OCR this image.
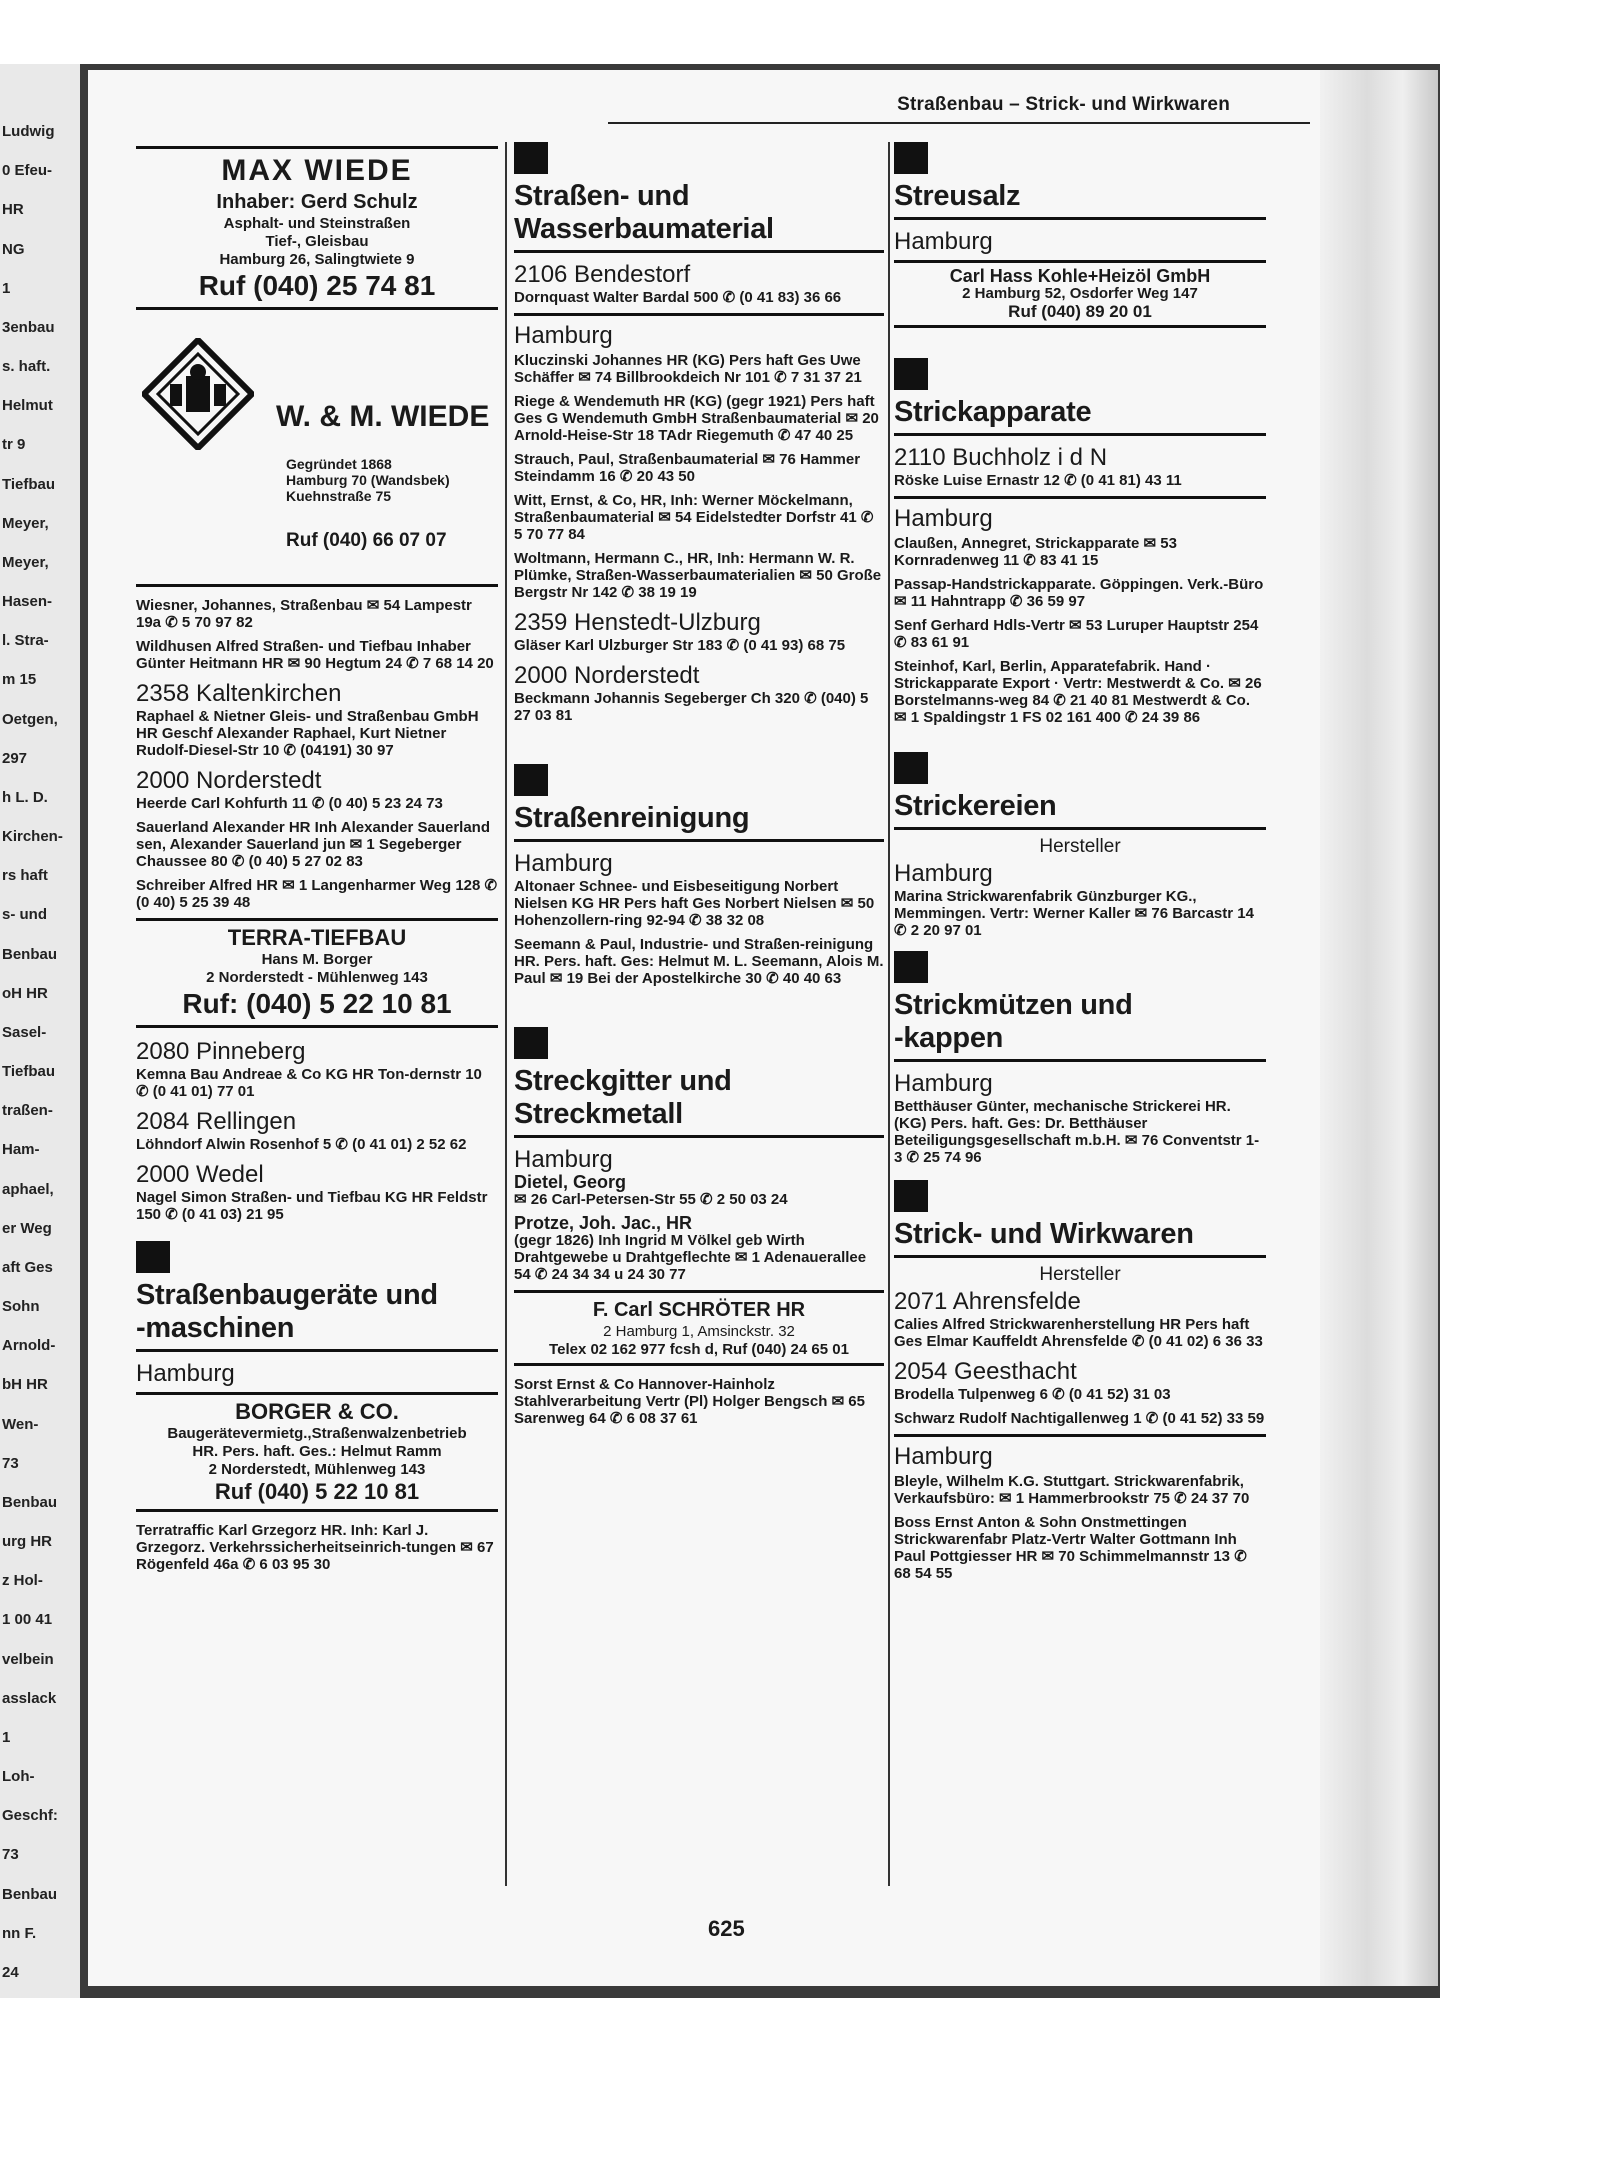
Ludwig
0 Efeu-
HR
NG
1
3enbau
s. haft.
Helmut
tr 9
Tiefbau
Meyer,
Meyer,
Hasen-
l. Stra-
m 15
Oetgen,
297
h L. D.
Kirchen-
rs haft
s- und
Benbau
oH HR
Sasel-
Tiefbau
traßen-
Ham-
aphael,
er Weg
aft Ges
Sohn
Arnold-
bH HR
Wen-
73
Benbau
urg HR
z Hol-
1 00 41
velbein
asslack
1
Loh-
Geschf:
73
Benbau
nn F.
24
Straßenbau – Strick- und Wirkwaren
MAX WIEDE
Inhaber: Gerd Schulz
Asphalt- und Steinstraßen
Tief-, Gleisbau
Hamburg 26, Salingtwiete 9
Ruf (040) 25 74 81
W. & M. WIEDE
Gegründet 1868
Hamburg 70 (Wandsbek)
Kuehnstraße 75
Ruf (040) 66 07 07
Wiesner, Johannes, Straßenbau ✉ 54 Lampestr 19a ✆ 5 70 97 82
Wildhusen Alfred Straßen- und Tiefbau Inhaber Günter Heitmann HR ✉ 90 Hegtum 24 ✆ 7 68 14 20
2358 Kaltenkirchen
Raphael & Nietner Gleis- und Straßenbau GmbH HR Geschf Alexander Raphael, Kurt Nietner Rudolf-Diesel-Str 10 ✆ (04191) 30 97
2000 Norderstedt
Heerde Carl Kohfurth 11 ✆ (0 40) 5 23 24 73
Sauerland Alexander HR Inh Alexander Sauerland sen, Alexander Sauerland jun ✉ 1 Segeberger Chaussee 80 ✆ (0 40) 5 27 02 83
Schreiber Alfred HR ✉ 1 Langenharmer Weg 128 ✆ (0 40) 5 25 39 48
TERRA-TIEFBAU
Hans M. Borger
2 Norderstedt - Mühlenweg 143
Ruf: (040) 5 22 10 81
2080 Pinneberg
Kemna Bau Andreae & Co KG HR Ton-dernstr 10 ✆ (0 41 01) 77 01
2084 Rellingen
Löhndorf Alwin Rosenhof 5 ✆ (0 41 01) 2 52 62
2000 Wedel
Nagel Simon Straßen- und Tiefbau KG HR Feldstr 150 ✆ (0 41 03) 21 95
Straßenbaugeräte und
-maschinen
Hamburg
BORGER & CO.
Baugerätevermietg.,Straßenwalzenbetrieb
HR. Pers. haft. Ges.: Helmut Ramm
2 Norderstedt, Mühlenweg 143
Ruf (040) 5 22 10 81
Terratraffic Karl Grzegorz HR. Inh: Karl J. Grzegorz. Verkehrssicherheitseinrich-tungen ✉ 67 Rögenfeld 46a ✆ 6 03 95 30
Straßen- und
Wasserbaumaterial
2106 Bendestorf
Dornquast Walter Bardal 500 ✆ (0 41 83) 36 66
Hamburg
Kluczinski Johannes HR (KG) Pers haft Ges Uwe Schäffer ✉ 74 Billbrookdeich Nr 101 ✆ 7 31 37 21
Riege & Wendemuth HR (KG) (gegr 1921) Pers haft Ges G Wendemuth GmbH Straßenbaumaterial ✉ 20 Arnold-Heise-Str 18 TAdr Riegemuth ✆ 47 40 25
Strauch, Paul, Straßenbaumaterial ✉ 76 Hammer Steindamm 16 ✆ 20 43 50
Witt, Ernst, & Co, HR, Inh: Werner Möckelmann, Straßenbaumaterial ✉ 54 Eidelstedter Dorfstr 41 ✆ 5 70 77 84
Woltmann, Hermann C., HR, Inh: Hermann W. R. Plümke, Straßen-Wasserbaumaterialien ✉ 50 Große Bergstr Nr 142 ✆ 38 19 19
2359 Henstedt-Ulzburg
Gläser Karl Ulzburger Str 183 ✆ (0 41 93) 68 75
2000 Norderstedt
Beckmann Johannis Segeberger Ch 320 ✆ (040) 5 27 03 81
Straßenreinigung
Hamburg
Altonaer Schnee- und Eisbeseitigung Norbert Nielsen KG HR Pers haft Ges Norbert Nielsen ✉ 50 Hohenzollern-ring 92-94 ✆ 38 32 08
Seemann & Paul, Industrie- und Straßen-reinigung HR. Pers. haft. Ges: Helmut M. L. Seemann, Alois M. Paul ✉ 19 Bei der Apostelkirche 30 ✆ 40 40 63
Streckgitter und
Streckmetall
Hamburg
Dietel, Georg
✉ 26 Carl-Petersen-Str 55 ✆ 2 50 03 24
Protze, Joh. Jac., HR
(gegr 1826) Inh Ingrid M Völkel geb Wirth Drahtgewebe u Drahtgeflechte ✉ 1 Adenauerallee 54 ✆ 24 34 34 u 24 30 77
F. Carl SCHRÖTER HR
2 Hamburg 1, Amsinckstr. 32
Telex 02 162 977 fcsh d, Ruf (040) 24 65 01
Sorst Ernst & Co Hannover-Hainholz Stahlverarbeitung Vertr (Pl) Holger Bengsch ✉ 65 Sarenweg 64 ✆ 6 08 37 61
Streusalz
Hamburg
Carl Hass Kohle+Heizöl GmbH
2 Hamburg 52, Osdorfer Weg 147
Ruf (040) 89 20 01
Strickapparate
2110 Buchholz i d N
Röske Luise Ernastr 12 ✆ (0 41 81) 43 11
Hamburg
Claußen, Annegret, Strickapparate ✉ 53 Kornradenweg 11 ✆ 83 41 15
Passap-Handstrickapparate. Göppingen. Verk.-Büro ✉ 11 Hahntrapp ✆ 36 59 97
Senf Gerhard Hdls-Vertr ✉ 53 Luruper Hauptstr 254 ✆ 83 61 91
Steinhof, Karl, Berlin, Apparatefabrik. Hand · Strickapparate Export · Vertr: Mestwerdt & Co. ✉ 26 Borstelmanns-weg 84 ✆ 21 40 81 Mestwerdt & Co. ✉ 1 Spaldingstr 1 FS 02 161 400 ✆ 24 39 86
Strickereien
Hersteller
Hamburg
Marina Strickwarenfabrik Günzburger KG., Memmingen. Vertr: Werner Kaller ✉ 76 Barcastr 14 ✆ 2 20 97 01
Strickmützen und
-kappen
Hamburg
Betthäuser Günter, mechanische Strickerei HR. (KG) Pers. haft. Ges: Dr. Betthäuser Beteiligungsgesellschaft m.b.H. ✉ 76 Conventstr 1-3 ✆ 25 74 96
Strick- und Wirkwaren
Hersteller
2071 Ahrensfelde
Calies Alfred Strickwarenherstellung HR Pers haft Ges Elmar Kauffeldt Ahrensfelde ✆ (0 41 02) 6 36 33
2054 Geesthacht
Brodella Tulpenweg 6 ✆ (0 41 52) 31 03
Schwarz Rudolf Nachtigallenweg 1 ✆ (0 41 52) 33 59
Hamburg
Bleyle, Wilhelm K.G. Stuttgart. Strickwarenfabrik, Verkaufsbüro: ✉ 1 Hammerbrookstr 75 ✆ 24 37 70
Boss Ernst Anton & Sohn Onstmettingen Strickwarenfabr Platz-Vertr Walter Gottmann Inh Paul Pottgiesser HR ✉ 70 Schimmelmannstr 13 ✆ 68 54 55
625
